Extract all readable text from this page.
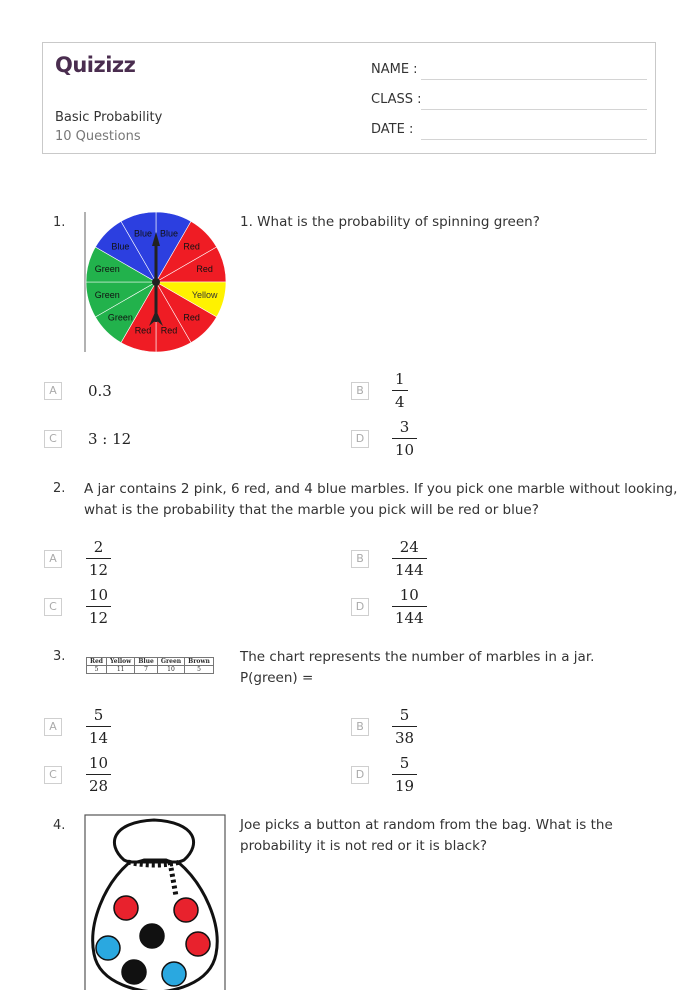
Quizizz
Basic Probability
10 Questions
NAME :
CLASS :
DATE :
1.
Blue
Red
Red
Yellow
Red
Red
Red
Green
Green
Green
Blue
Blue
1. What is the probability of spinning green?
A	0.3	B
1
4
C	3 : 12	D
3
10
2. A jar contains 2 pink, 6 red, and 4 blue marbles. If you pick one marble without looking,
what is the probability that the marble you pick will be red or blue?
A
2
12
B
24
144
C
10
12
D
10
144
3.	Red	Yellow	Blue	Green	Brown
5	11	7	10	5
The chart represents the number of marbles in a jar.
P(green) =
A
5
14
B
5
38
C
10
28
D
5
19
4.	Joe picks a button at random from the bag. What is the
probability it is not red or it is black?
